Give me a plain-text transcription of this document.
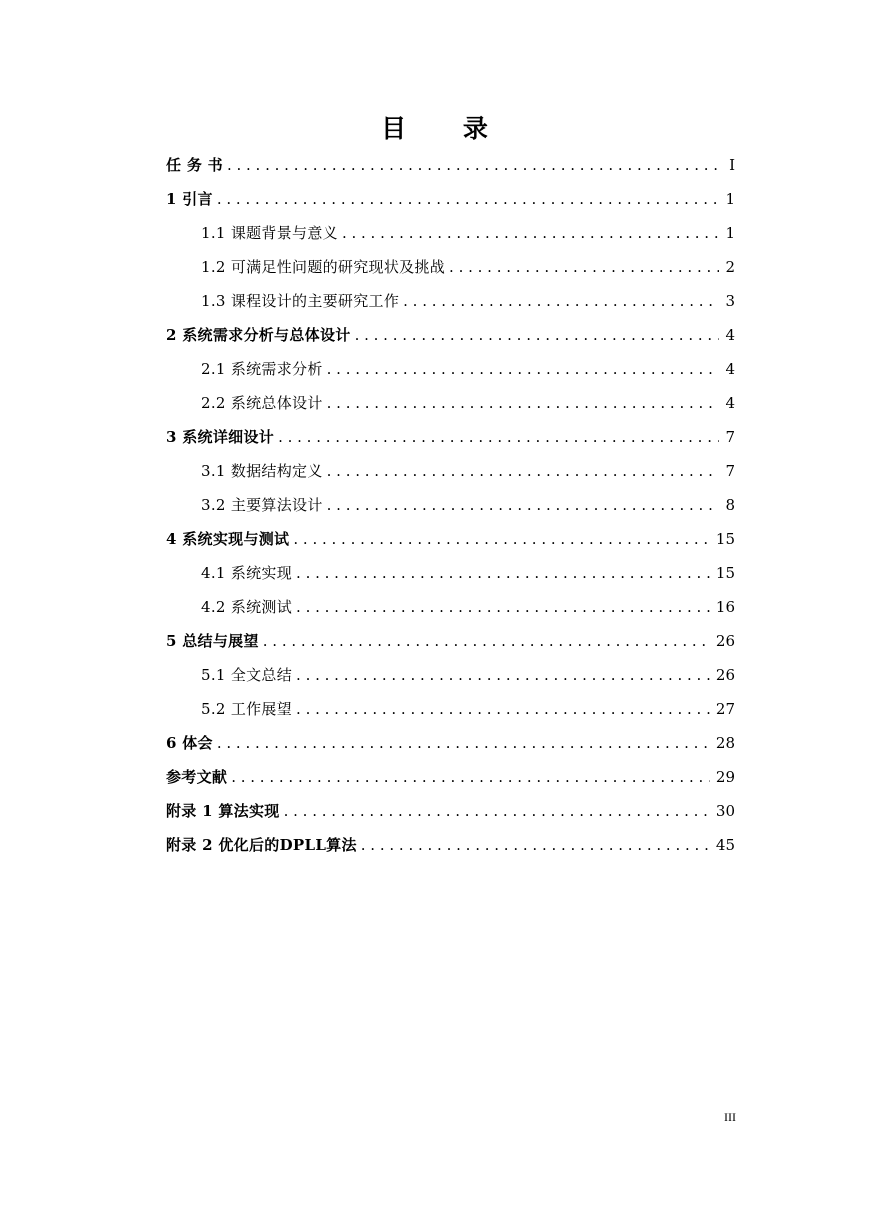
目 录
任 务 书 . . .	I
1 引言 . . .	1
1.1 课题背景与意义 . . .	1
1.2 可满足性问题的研究现状及挑战 . . .	2
1.3 课程设计的主要研究工作 . . .	3
2 系统需求分析与总体设计 . . .	4
2.1 系统需求分析 . . .	4
2.2 系统总体设计 . . .	4
3 系统详细设计 . . .	7
3.1 数据结构定义 . . .	7
3.2 主要算法设计 . . .	8
4 系统实现与测试 . . .	15
4.1 系统实现 . . .	15
4.2 系统测试 . . .	16
5 总结与展望 . . .	26
5.1 全文总结 . . .	26
5.2 工作展望 . . .	27
6 体会 . . .	28
参考文献 . . .	29
附录 1 算法实现 . . .	30
附录 2 优化后的DPLL算法 . . .	45
III
